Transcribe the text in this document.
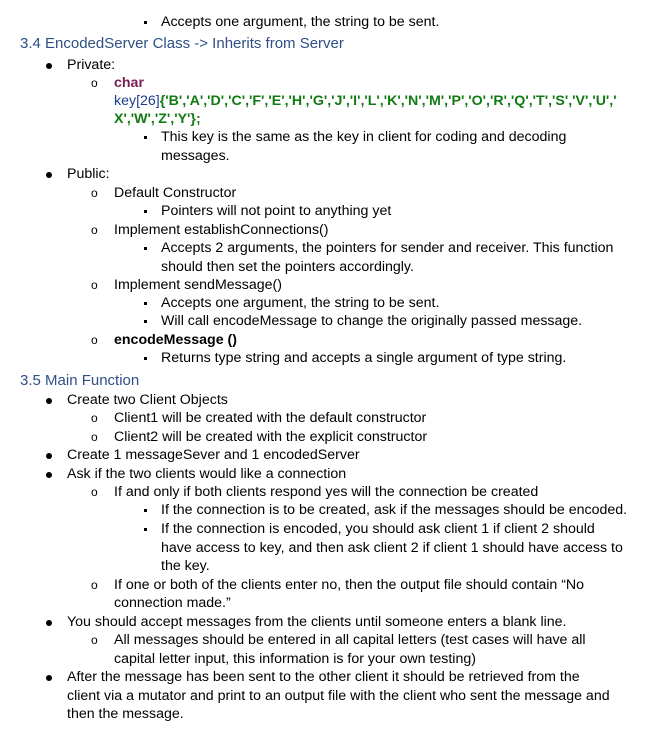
Accepts one argument, the string to be sent.
3.4 EncodedServer Class -> Inherits from Server
Private:
o char
key[26]{'B','A','D','C','F','E','H','G','J','I','L','K','N','M','P','O','R','Q','T','S','V','U','
X','W','Z','Y'};
This key is the same as the key in client for coding and decoding
messages.
Public:
o Default Constructor
Pointers will not point to anything yet
o Implement establishConnections()
Accepts 2 arguments, the pointers for sender and receiver. This function
should then set the pointers accordingly.
o Implement sendMessage()
Accepts one argument, the string to be sent.
Will call encodeMessage to change the originally passed message.
o encodeMessage ()
Returns type string and accepts a single argument of type string.
3.5 Main Function
Create two Client Objects
o Client1 will be created with the default constructor
o Client2 will be created with the explicit constructor
Create 1 messageSever and 1 encodedServer
Ask if the two clients would like a connection
o If and only if both clients respond yes will the connection be created
If the connection is to be created, ask if the messages should be encoded.
If the connection is encoded, you should ask client 1 if client 2 should
have access to key, and then ask client 2 if client 1 should have access to
the key.
o If one or both of the clients enter no, then the output file should contain “No
connection made.”
You should accept messages from the clients until someone enters a blank line.
o All messages should be entered in all capital letters (test cases will have all
capital letter input, this information is for your own testing)
After the message has been sent to the other client it should be retrieved from the
client via a mutator and print to an output file with the client who sent the message and
then the message.
